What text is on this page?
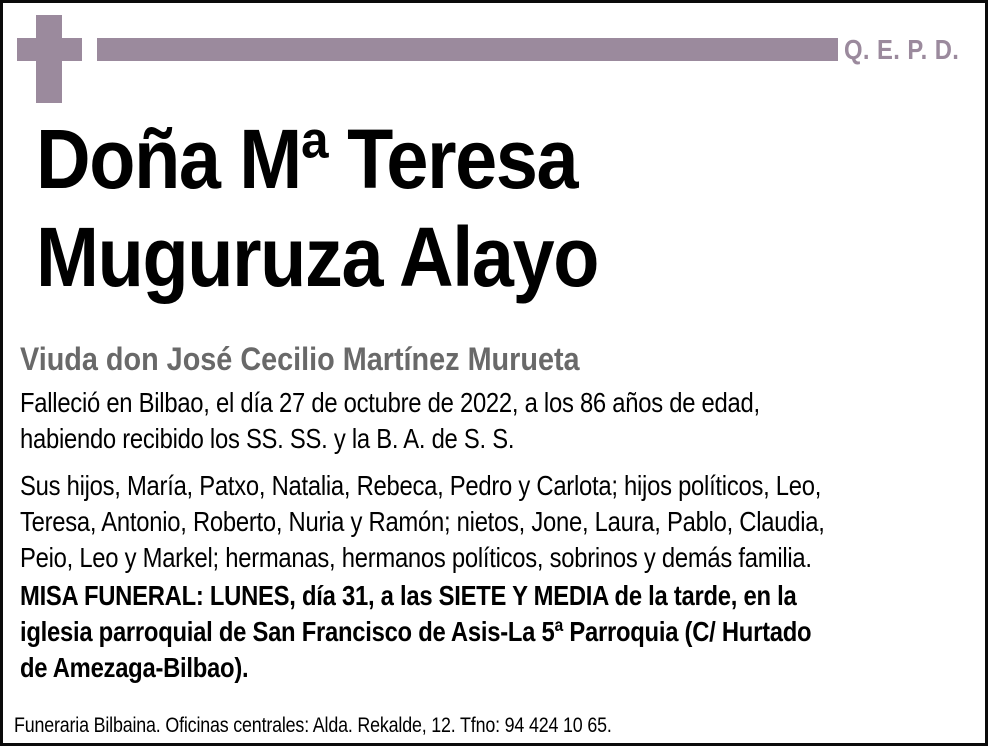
Q. E. P. D.
Doña Mª Teresa
Muguruza Alayo
Viuda don José Cecilio Martínez Murueta

Falleció en Bilbao, el día 27 de octubre de 2022, a los 86 años de edad,
habiendo recibido los SS. SS. y la B. A. de S. S.

Sus hijos, María, Patxo, Natalia, Rebeca, Pedro y Carlota; hijos políticos, Leo,
Teresa, Antonio, Roberto, Nuria y Ramón; nietos, Jone, Laura, Pablo, Claudia,
Peio, Leo y Markel; hermanas, hermanos políticos, sobrinos y demás familia.

MISA FUNERAL: LUNES, día 31, a las SIETE Y MEDIA de la tarde, en la
iglesia parroquial de San Francisco de Asis-La 5ª Parroquia (C/ Hurtado
de Amezaga-Bilbao).

Funeraria Bilbaina. Oficinas centrales: Alda. Rekalde, 12. Tfno: 94 424 10 65.
